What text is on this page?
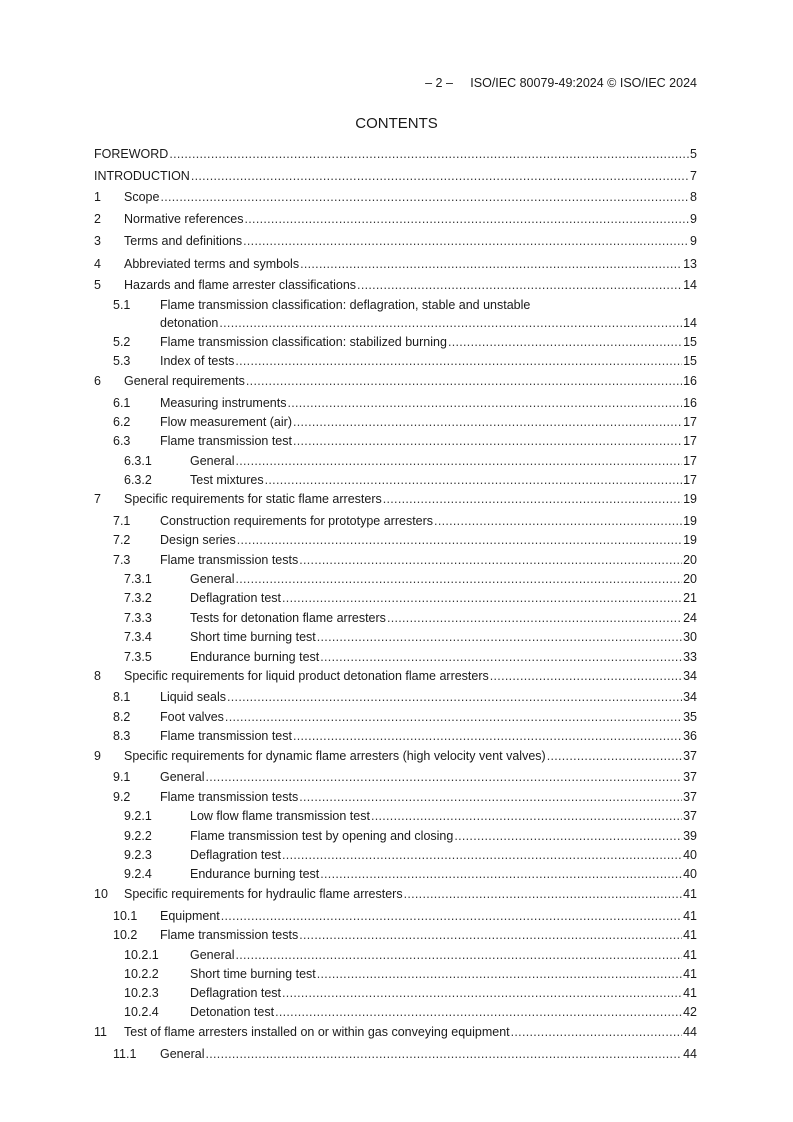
– 2 –     ISO/IEC 80079-49:2024 © ISO/IEC 2024
CONTENTS
FOREWORD .....	5
INTRODUCTION .....	7
1 Scope .....	8
2 Normative references .....	9
3 Terms and definitions .....	9
4 Abbreviated terms and symbols .....	13
5 Hazards and flame arrester classifications .....	14
5.1 Flame transmission classification: deflagration, stable and unstable
detonation .....	14
5.2 Flame transmission classification: stabilized burning .....	15
5.3 Index of tests .....	15
6 General requirements .....	16
6.1 Measuring instruments .....	16
6.2 Flow measurement (air) .....	17
6.3 Flame transmission test .....	17
6.3.1	General .....	17
6.3.2	Test mixtures .....	17
7 Specific requirements for static flame arresters .....	19
7.1 Construction requirements for prototype arresters .....	19
7.2 Design series .....	19
7.3 Flame transmission tests .....	20
7.3.1	General .....	20
7.3.2	Deflagration test .....	21
7.3.3	Tests for detonation flame arresters .....	24
7.3.4	Short time burning test .....	30
7.3.5	Endurance burning test .....	33
8 Specific requirements for liquid product detonation flame arresters .....	34
8.1 Liquid seals .....	34
8.2 Foot valves .....	35
8.3 Flame transmission test .....	36
9 Specific requirements for dynamic flame arresters (high velocity vent valves) .....	37
9.1 General .....	37
9.2 Flame transmission tests .....	37
9.2.1	Low flow flame transmission test .....	37
9.2.2	Flame transmission test by opening and closing .....	39
9.2.3	Deflagration test .....	40
9.2.4	Endurance burning test .....	40
10 Specific requirements for hydraulic flame arresters .....	41
10.1 Equipment .....	41
10.2 Flame transmission tests .....	41
10.2.1 General .....	41
10.2.2 Short time burning test .....	41
10.2.3 Deflagration test .....	41
10.2.4 Detonation test .....	42
11 Test of flame arresters installed on or within gas conveying equipment .....	44
11.1 General .....	44
